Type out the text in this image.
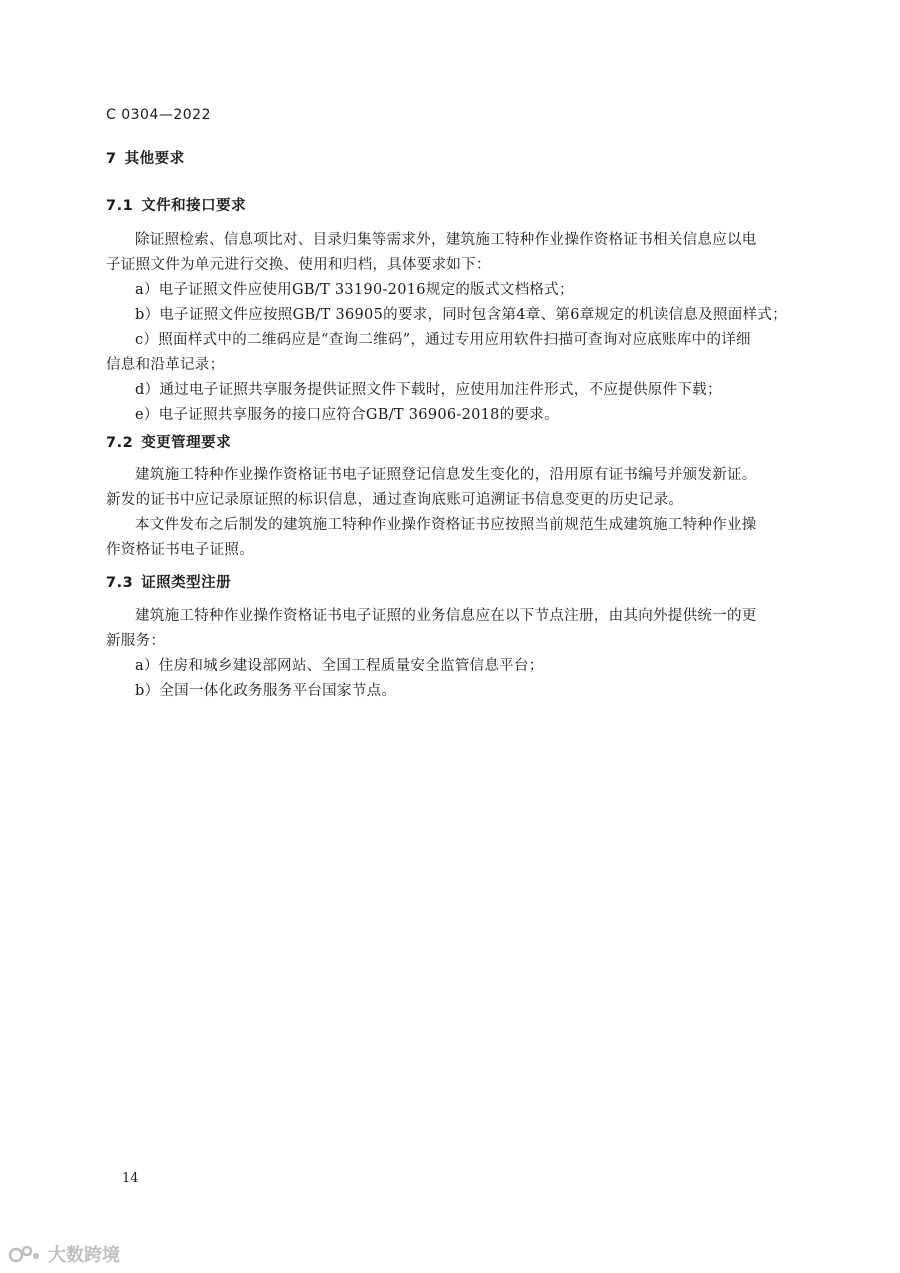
C 0304—2022
7 其他要求
7.1 文件和接口要求
除证照检索、信息项比对、目录归集等需求外，建筑施工特种作业操作资格证书相关信息应以电
子证照文件为单元进行交换、使用和归档，具体要求如下：
a）电子证照文件应使用GB/T 33190-2016规定的版式文档格式；
b）电子证照文件应按照GB/T 36905的要求，同时包含第4章、第6章规定的机读信息及照面样式；
c）照面样式中的二维码应是“查询二维码”，通过专用应用软件扫描可查询对应底账库中的详细
信息和沿革记录；
d）通过电子证照共享服务提供证照文件下载时，应使用加注件形式，不应提供原件下载；
e）电子证照共享服务的接口应符合GB/T 36906-2018的要求。
7.2 变更管理要求
建筑施工特种作业操作资格证书电子证照登记信息发生变化的，沿用原有证书编号并颁发新证。
新发的证书中应记录原证照的标识信息，通过查询底账可追溯证书信息变更的历史记录。
本文件发布之后制发的建筑施工特种作业操作资格证书应按照当前规范生成建筑施工特种作业操
作资格证书电子证照。
7.3 证照类型注册
建筑施工特种作业操作资格证书电子证照的业务信息应在以下节点注册，由其向外提供统一的更
新服务：
a）住房和城乡建设部网站、全国工程质量安全监管信息平台；
b）全国一体化政务服务平台国家节点。
14
大数跨境
